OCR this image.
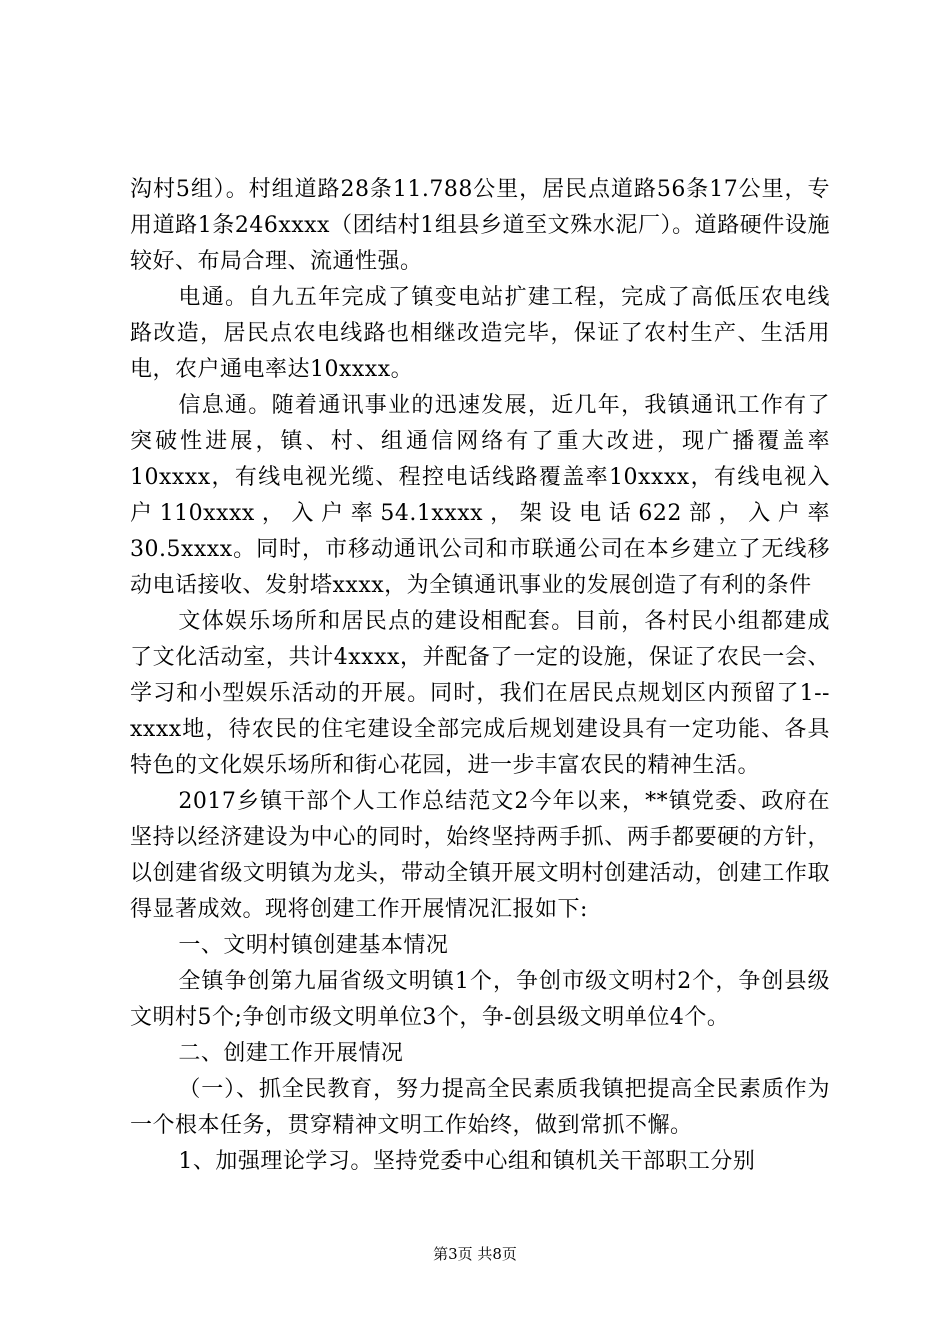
沟村5组）。村组道路28条11.788公里，居民点道路56条17公里，专用道路1条246xxxx（团结村1组县乡道至文殊水泥厂）。道路硬件设施较好、布局合理、流通性强。

电通。自九五年完成了镇变电站扩建工程，完成了高低压农电线路改造，居民点农电线路也相继改造完毕，保证了农村生产、生活用电，农户通电率达10xxxx。

信息通。随着通讯事业的迅速发展，近几年，我镇通讯工作有了突破性进展，镇、村、组通信网络有了重大改进，现广播覆盖率10xxxx，有线电视光缆、程控电话线路覆盖率10xxxx，有线电视入户110xxxx，入户率54.1xxxx，架设电话622部，入户率30.5xxxx。同时，市移动通讯公司和市联通公司在本乡建立了无线移动电话接收、发射塔xxxx，为全镇通讯事业的发展创造了有利的条件

文体娱乐场所和居民点的建设相配套。目前，各村民小组都建成了文化活动室，共计4xxxx，并配备了一定的设施，保证了农民一会、学习和小型娱乐活动的开展。同时，我们在居民点规划区内预留了1--xxxx地，待农民的住宅建设全部完成后规划建设具有一定功能、各具特色的文化娱乐场所和街心花园，进一步丰富农民的精神生活。

2017乡镇干部个人工作总结范文2今年以来，**镇党委、政府在坚持以经济建设为中心的同时，始终坚持两手抓、两手都要硬的方针，以创建省级文明镇为龙头，带动全镇开展文明村创建活动，创建工作取得显著成效。现将创建工作开展情况汇报如下:

一、文明村镇创建基本情况

全镇争创第九届省级文明镇1个，争创市级文明村2个，争创县级文明村5个;争创市级文明单位3个，争-创县级文明单位4个。

二、创建工作开展情况

（一）、抓全民教育，努力提高全民素质我镇把提高全民素质作为一个根本任务，贯穿精神文明工作始终，做到常抓不懈。

1、加强理论学习。坚持党委中心组和镇机关干部职工分别

第3页 共8页
